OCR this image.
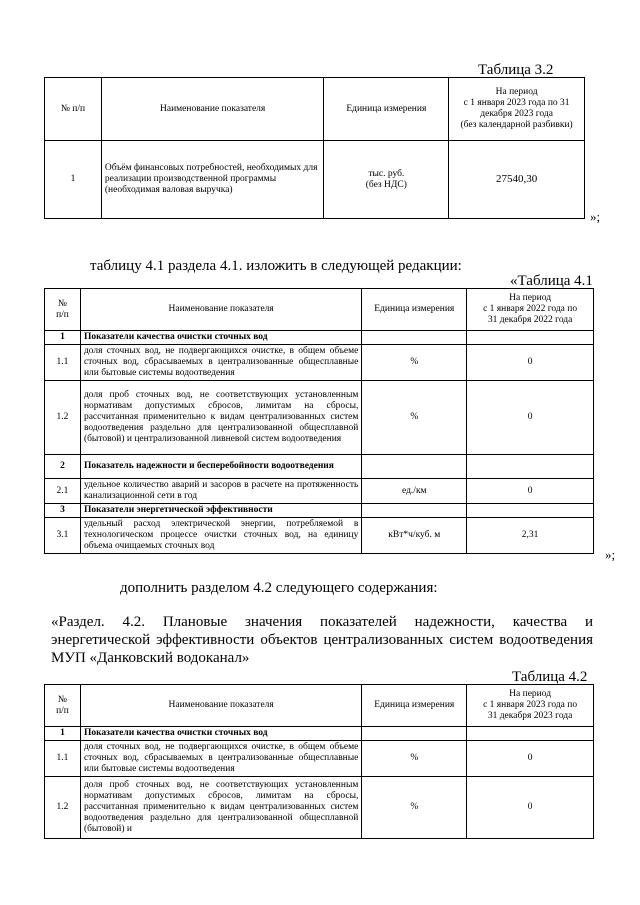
Таблица 3.2
№ п/п	Наименование показателя	Единица измерения	На период
с 1 января 2023 года по 31 декабря 2023 года
(без календарной разбивки)
1	Объём финансовых потребностей, необходимых для реализации производственной программы (необходимая валовая выручка)	тыс. руб.
(без НДС)	27540,30
»;
таблицу 4.1 раздела 4.1. изложить в следующей редакции:
«Таблица 4.1
№
п/п	Наименование показателя	Единица измерения	На период
с 1 января 2022 года по
31 декабря 2022 года
1	Показатели качества очистки сточных вод		
1.1	доля сточных вод, не подвергающихся очистке, в общем объеме сточных вод, сбрасываемых в централизованные общесплавные или бытовые системы водоотведения	%	0
1.2	доля проб сточных вод, не соответствующих установленным нормативам допустимых сбросов, лимитам на сбросы, рассчитанная применительно к видам централизованных систем водоотведения раздельно для централизованной общесплавной (бытовой) и централизованной ливневой систем водоотведения	%	0
2	Показатель надежности и бесперебойности водоотведения		
2.1	удельное количество аварий и засоров в расчете на протяженность канализационной сети в год	ед./км	0
3	Показатели энергетической эффективности		
3.1	удельный расход электрической энергии, потребляемой в технологическом процессе очистки сточных вод, на единицу объема очищаемых сточных вод	кВт*ч/куб. м	2,31
»;
дополнить разделом 4.2 следующего содержания:
«Раздел. 4.2. Плановые значения показателей надежности, качества и энергетической эффективности объектов централизованных систем водоотведения МУП «Данковский водоканал»
Таблица 4.2
№
п/п	Наименование показателя	Единица измерения	На период
с 1 января 2023 года по
31 декабря 2023 года
1	Показатели качества очистки сточных вод		
1.1	доля сточных вод, не подвергающихся очистке, в общем объеме сточных вод, сбрасываемых в централизованные общесплавные или бытовые системы водоотведения	%	0
1.2	доля проб сточных вод, не соответствующих установленным нормативам допустимых сбросов, лимитам на сбросы, рассчитанная применительно к видам централизованных систем водоотведения раздельно для централизованной общесплавной (бытовой) и	%	0
